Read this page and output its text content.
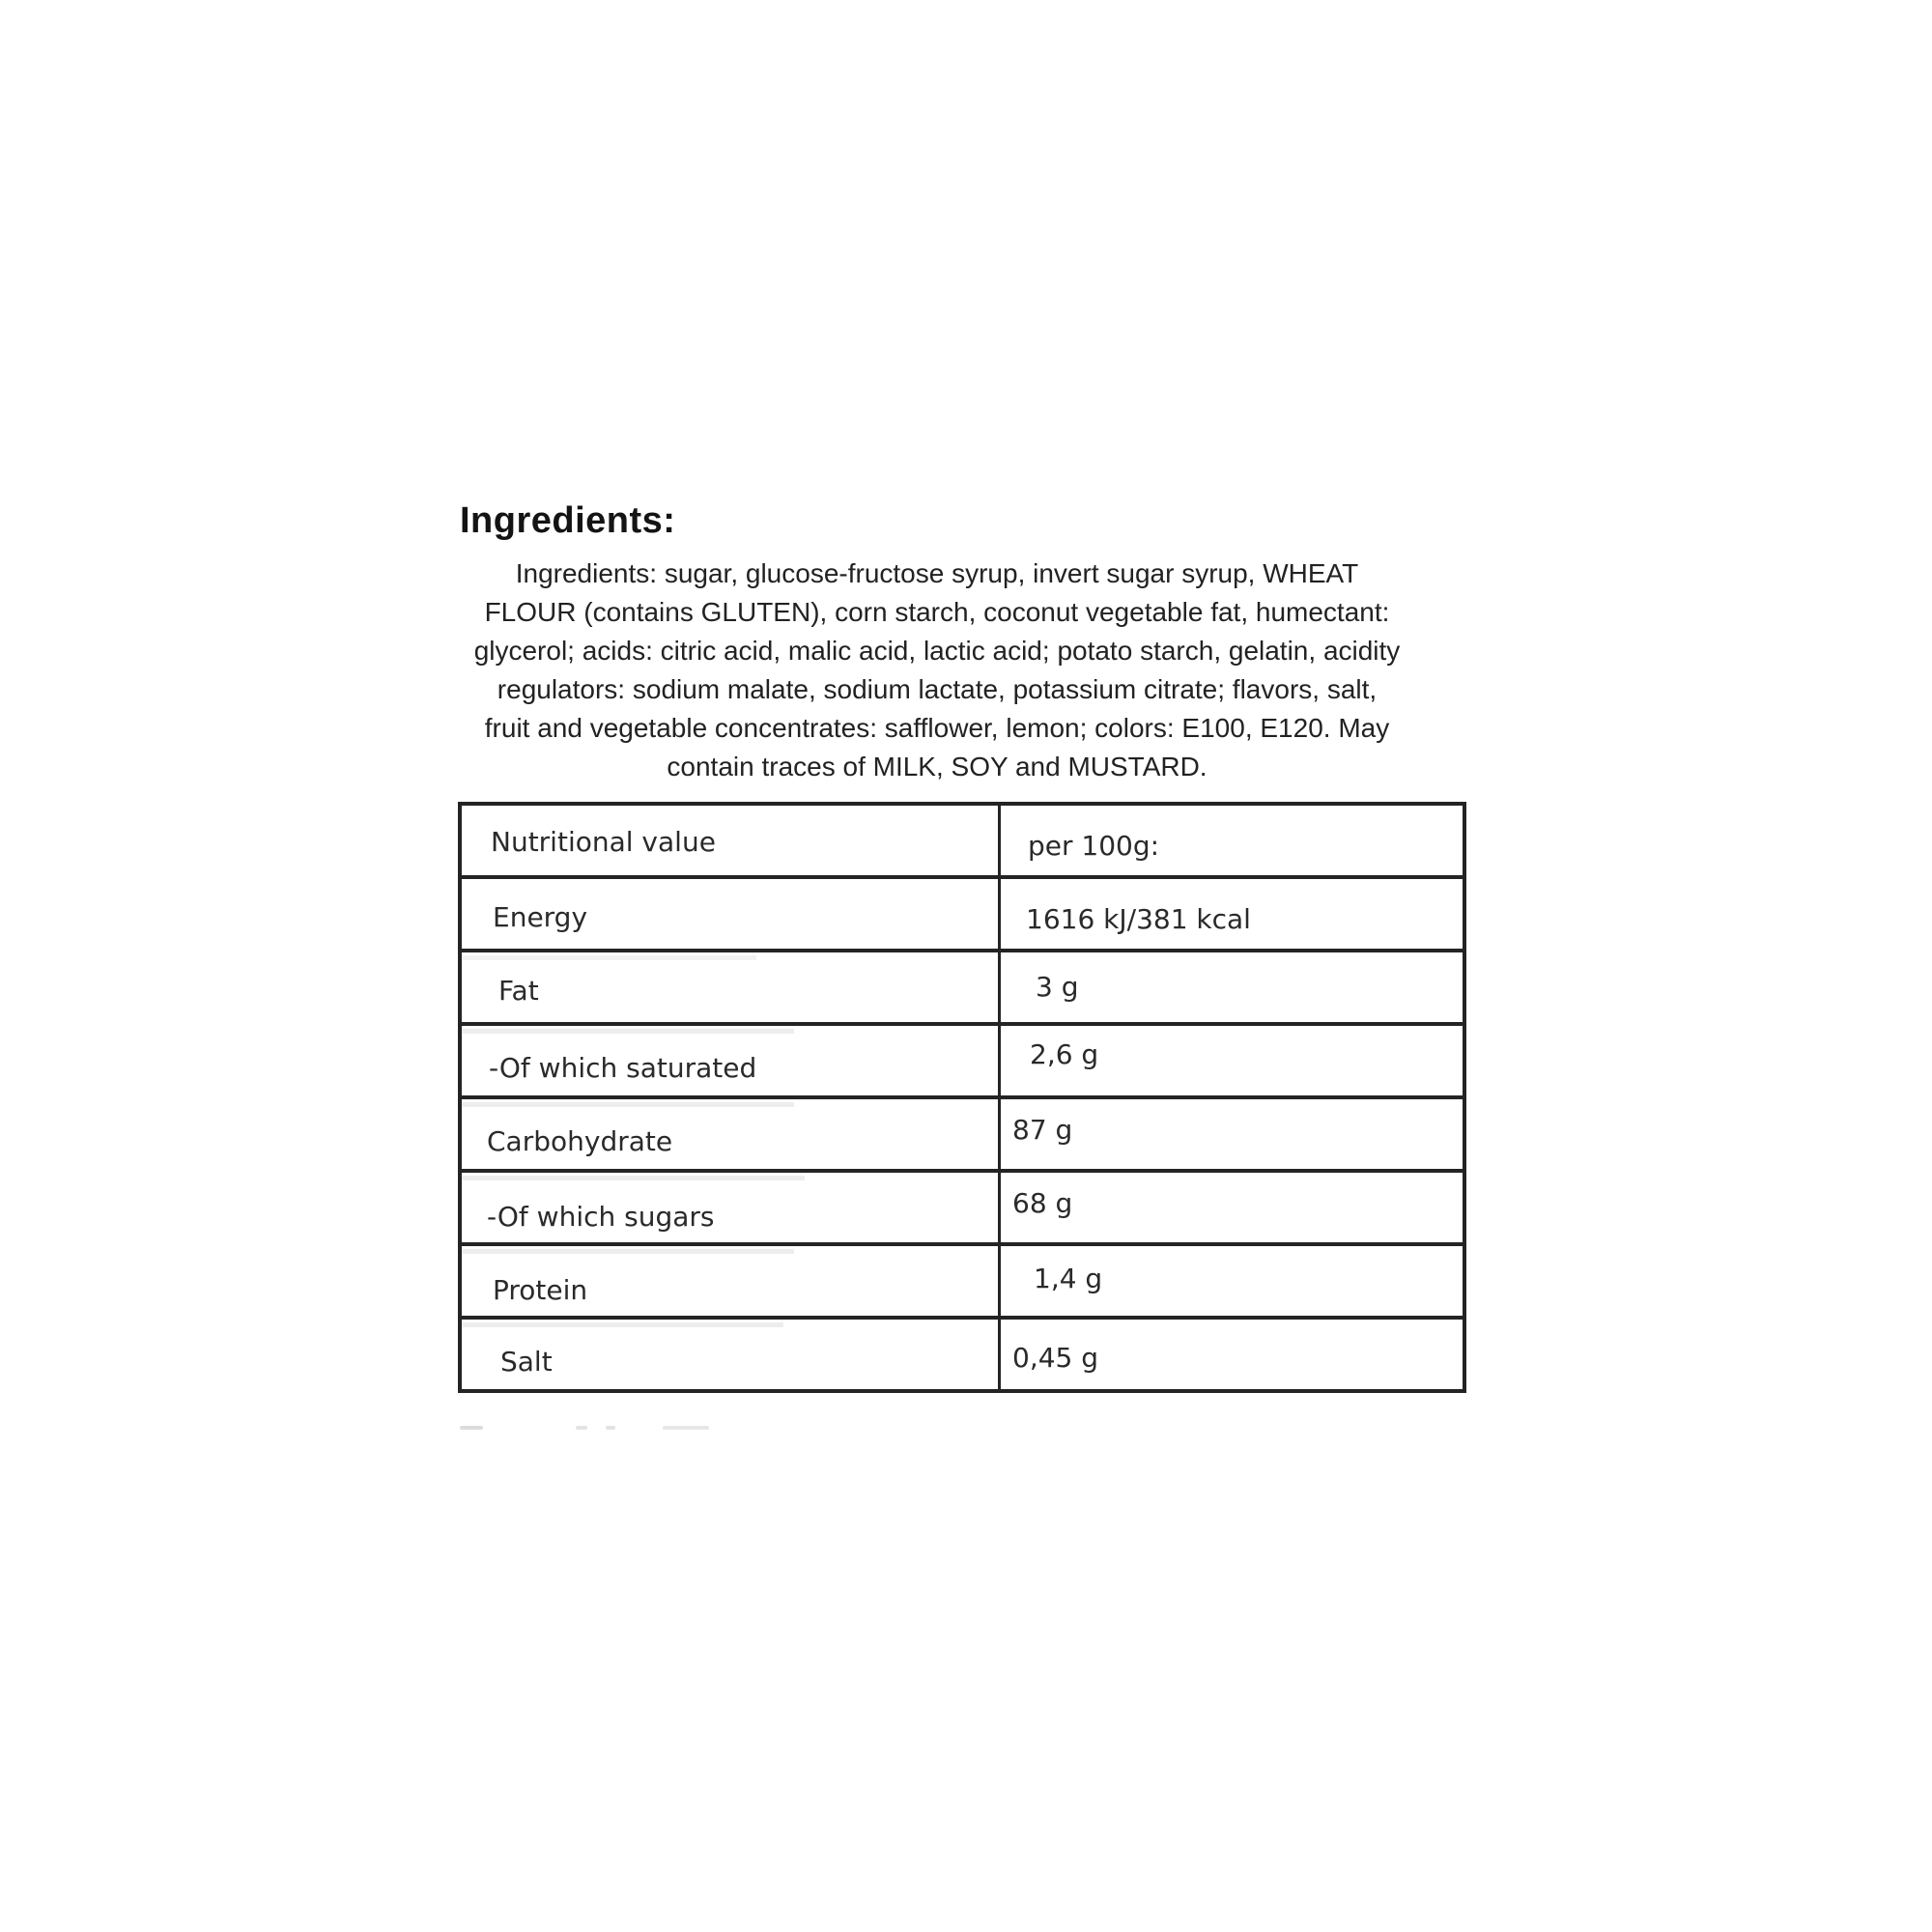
Ingredients:
Ingredients: sugar, glucose-fructose syrup, invert sugar syrup, WHEAT
FLOUR (contains GLUTEN), corn starch, coconut vegetable fat, humectant:
glycerol; acids: citric acid, malic acid, lactic acid; potato starch, gelatin, acidity
regulators: sodium malate, sodium lactate, potassium citrate; flavors, salt,
fruit and vegetable concentrates: safflower, lemon; colors: E100, E120. May
contain traces of MILK, SOY and MUSTARD.
Nutritional value	per 100g:
Energy	1616 kJ/381 kcal
Fat	3 g
-Of which saturated	2,6 g
Carbohydrate	87 g
-Of which sugars	68 g
Protein	1,4 g
Salt	0,45 g
